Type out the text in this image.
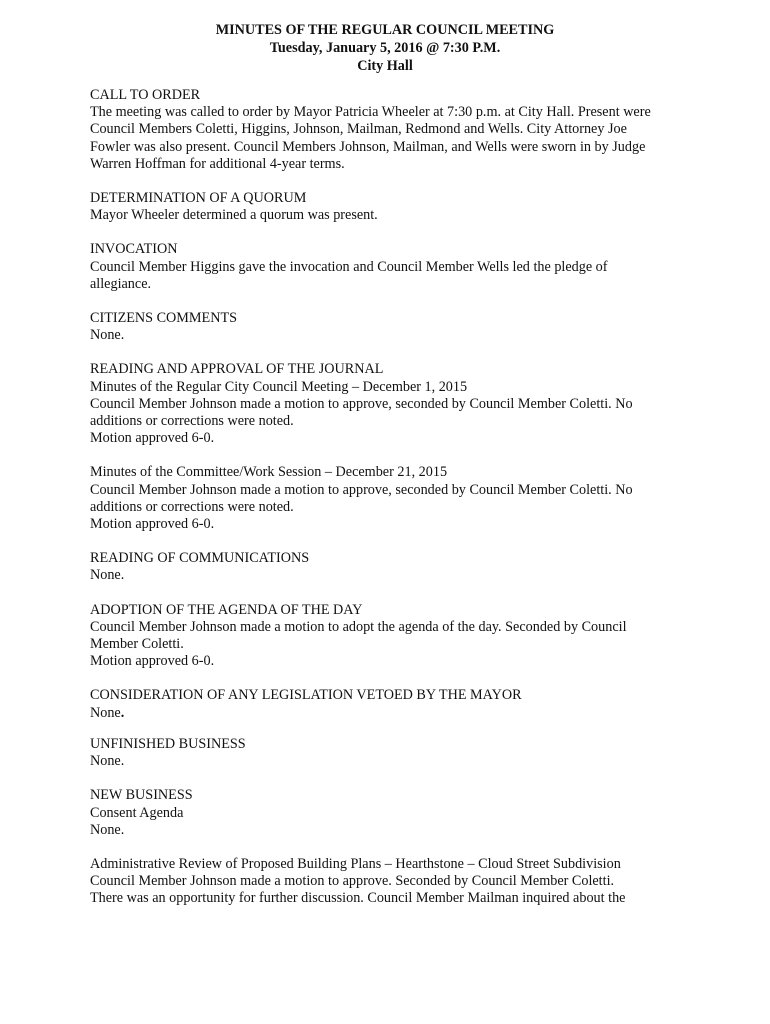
MINUTES OF THE REGULAR COUNCIL MEETING
Tuesday, January 5, 2016 @ 7:30 P.M.
City Hall
CALL TO ORDER
The meeting was called to order by Mayor Patricia Wheeler at 7:30 p.m. at City Hall. Present were
Council Members Coletti, Higgins, Johnson, Mailman, Redmond and Wells. City Attorney Joe
Fowler was also present. Council Members Johnson, Mailman, and Wells were sworn in by Judge
Warren Hoffman for additional 4-year terms.
DETERMINATION OF A QUORUM
Mayor Wheeler determined a quorum was present.
INVOCATION
Council Member Higgins gave the invocation and Council Member Wells led the pledge of
allegiance.
CITIZENS COMMENTS
None.
READING AND APPROVAL OF THE JOURNAL
Minutes of the Regular City Council Meeting – December 1, 2015
Council Member Johnson made a motion to approve, seconded by Council Member Coletti. No
additions or corrections were noted.
Motion approved 6-0.
Minutes of the Committee/Work Session – December 21, 2015
Council Member Johnson made a motion to approve, seconded by Council Member Coletti. No
additions or corrections were noted.
Motion approved 6-0.
READING OF COMMUNICATIONS
None.
ADOPTION OF THE AGENDA OF THE DAY
Council Member Johnson made a motion to adopt the agenda of the day. Seconded by Council
Member Coletti.
Motion approved 6-0.
CONSIDERATION OF ANY LEGISLATION VETOED BY THE MAYOR
None.
UNFINISHED BUSINESS
None.
NEW BUSINESS
Consent Agenda
None.
Administrative Review of Proposed Building Plans – Hearthstone – Cloud Street Subdivision
Council Member Johnson made a motion to approve. Seconded by Council Member Coletti.
There was an opportunity for further discussion. Council Member Mailman inquired about the
